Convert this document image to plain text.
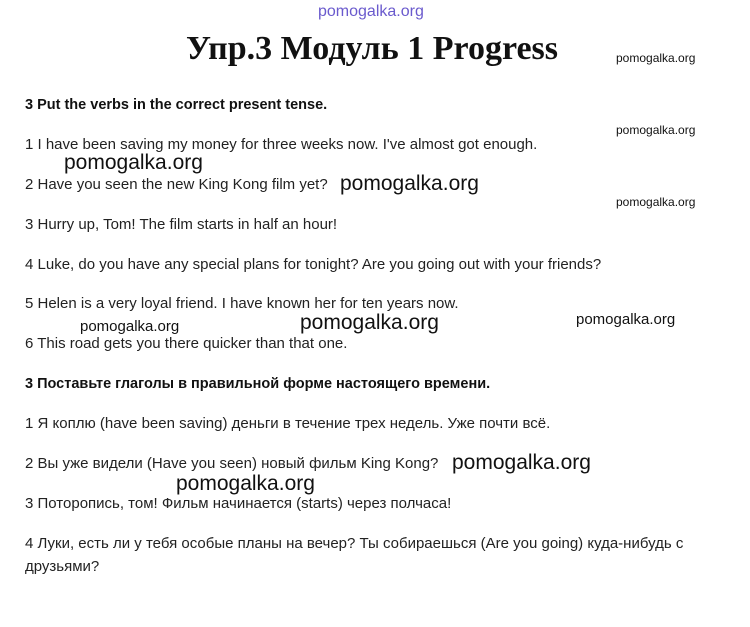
pomogalka.org
Упр.3 Модуль 1 Progress
3 Put the verbs in the correct present tense.
1 I have been saving my money for three weeks now. I've almost got enough.
2 Have you seen the new King Kong film yet?
3 Hurry up, Tom! The film starts in half an hour!
4 Luke, do you have any special plans for tonight? Are you going out with your friends?
5 Helen is a very loyal friend. I have known her for ten years now.
6 This road gets you there quicker than that one.
3 Поставьте глаголы в правильной форме настоящего времени.
1 Я коплю (have been saving) деньги в течение трех недель. Уже почти всё.
2 Вы уже видели (Have you seen) новый фильм King Kong?
3 Поторопись, том! Фильм начинается (starts) через полчаса!
4 Луки, есть ли у тебя особые планы на вечер? Ты собираешься (Are you going) куда-нибудь с
друзьями?
pomogalka.org
pomogalka.org
pomogalka.org
pomogalka.org
pomogalka.org
pomogalka.org	pomogalka.org	pomogalka.org
pomogalka.org
pomogalka.org
